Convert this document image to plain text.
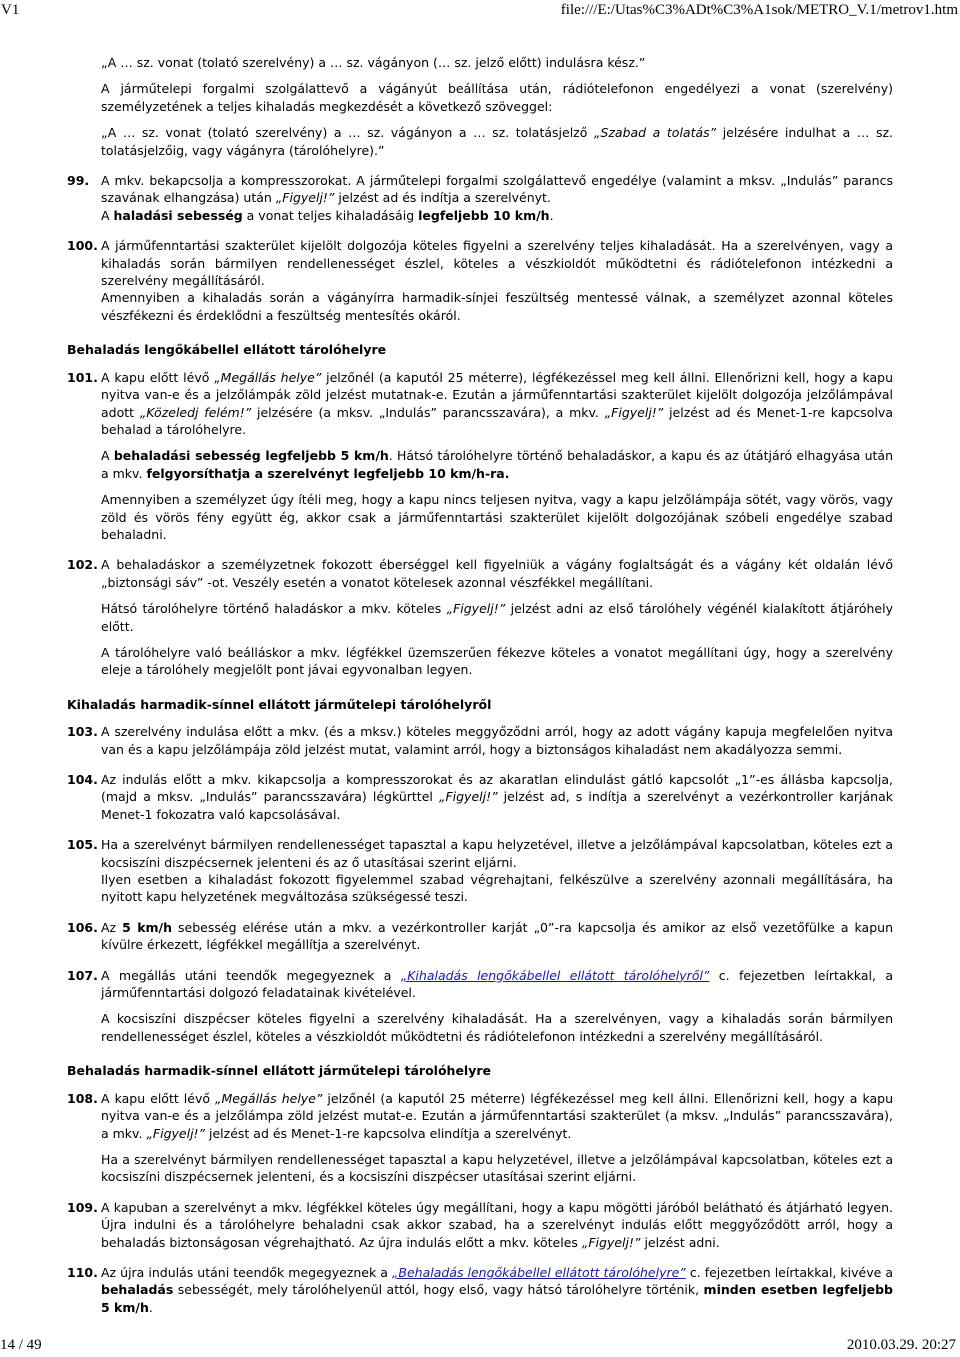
V1	file:///E:/Utas%C3%ADt%C3%A1sok/METRO_V.1/metrov1.htm
„A … sz. vonat (tolató szerelvény) a … sz. vágányon (… sz. jelző előtt) indulásra kész.”
A járműtelepi forgalmi szolgálattevő a vágányút beállítása után, rádiótelefonon engedélyezi a vonat (szerelvény) személyzetének a teljes kihaladás megkezdését a következő szöveggel:
„A … sz. vonat (tolató szerelvény) a … sz. vágányon a … sz. tolatásjelző „Szabad a tolatás” jelzésére indulhat a … sz. tolatásjelzőig, vagy vágányra (tárolóhelyre).”
99. A mkv. bekapcsolja a kompresszorokat. A járműtelepi forgalmi szolgálattevő engedélye (valamint a mksv. „Indulás” parancs szavának elhangzása) után „Figyelj!” jelzést ad és indítja a szerelvényt.
A haladási sebesség a vonat teljes kihaladásáig legfeljebb 10 km/h.
100. A járműfenntartási szakterület kijelölt dolgozója köteles figyelni a szerelvény teljes kihaladását. Ha a szerelvényen, vagy a kihaladás során bármilyen rendellenességet észlel, köteles a vészkioldót működtetni és rádiótelefonon intézkedni a szerelvény megállításáról.
Amennyiben a kihaladás során a vágányírra harmadik-sínjei feszültség mentessé válnak, a személyzet azonnal köteles vészfékezni és érdeklődni a feszültség mentesítés okáról.
Behaladás lengőkábellel ellátott tárolóhelyre
101. A kapu előtt lévő „Megállás helye” jelzőnél (a kaputól 25 méterre), légfékezéssel meg kell állni. Ellenőrizni kell, hogy a kapu nyitva van-e és a jelzőlámpák zöld jelzést mutatnak-e. Ezután a járműfenntartási szakterület kijelölt dolgozója jelzőlámpával adott „Közeledj felém!” jelzésére (a mksv. „Indulás” parancsszavára), a mkv. „Figyelj!” jelzést ad és Menet-1-re kapcsolva behalad a tárolóhelyre.
A behaladási sebesség legfeljebb 5 km/h. Hátsó tárolóhelyre történő behaladáskor, a kapu és az útátjáró elhagyása után a mkv. felgyorsíthatja a szerelvényt legfeljebb 10 km/h-ra.
Amennyiben a személyzet úgy ítéli meg, hogy a kapu nincs teljesen nyitva, vagy a kapu jelzőlámpája sötét, vagy vörös, vagy zöld és vörös fény együtt ég, akkor csak a járműfenntartási szakterület kijelölt dolgozójának szóbeli engedélye szabad behaladni.
102. A behaladáskor a személyzetnek fokozott éberséggel kell figyelniük a vágány foglaltságát és a vágány két oldalán lévő „biztonsági sáv” -ot. Veszély esetén a vonatot kötelesek azonnal vészfékkel megállítani.
Hátsó tárolóhelyre történő haladáskor a mkv. köteles „Figyelj!” jelzést adni az első tárolóhely végénél kialakított átjáróhely előtt.
A tárolóhelyre való beálláskor a mkv. légfékkel üzemszerűen fékezve köteles a vonatot megállítani úgy, hogy a szerelvény eleje a tárolóhely megjelölt pont jávai egyvonalban legyen.
Kihaladás harmadik-sínnel ellátott járműtelepi tárolóhelyről
103. A szerelvény indulása előtt a mkv. (és a mksv.) köteles meggyőződni arról, hogy az adott vágány kapuja megfelelően nyitva van és a kapu jelzőlámpája zöld jelzést mutat, valamint arról, hogy a biztonságos kihaladást nem akadályozza semmi.
104. Az indulás előtt a mkv. kikapcsolja a kompresszorokat és az akaratlan elindulást gátló kapcsolót „1”-es állásba kapcsolja, (majd a mksv. „Indulás” parancsszavára) légkürttel „Figyelj!” jelzést ad, s indítja a szerelvényt a vezérkontroller karjának Menet-1 fokozatra való kapcsolásával.
105. Ha a szerelvényt bármilyen rendellenességet tapasztal a kapu helyzetével, illetve a jelzőlámpával kapcsolatban, köteles ezt a kocsiszíni diszpécsernek jelenteni és az ő utasításai szerint eljárni.
Ilyen esetben a kihaladást fokozott figyelemmel szabad végrehajtani, felkészülve a szerelvény azonnali megállítására, ha nyitott kapu helyzetének megváltozása szükségessé teszi.
106. Az 5 km/h sebesség elérése után a mkv. a vezérkontroller karját „0”-ra kapcsolja és amikor az első vezetőfülke a kapun kívülre érkezett, légfékkel megállítja a szerelvényt.
107. A megállás utáni teendők megegyeznek a „Kihaladás lengőkábellel ellátott tárolóhelyről” c. fejezetben leírtakkal, a járműfenntartási dolgozó feladatainak kivételével.
A kocsiszíni diszpécser köteles figyelni a szerelvény kihaladását. Ha a szerelvényen, vagy a kihaladás során bármilyen rendellenességet észlel, köteles a vészkioldót működtetni és rádiótelefonon intézkedni a szerelvény megállításáról.
Behaladás harmadik-sínnel ellátott járműtelepi tárolóhelyre
108. A kapu előtt lévő „Megállás helye” jelzőnél (a kaputól 25 méterre) légfékezéssel meg kell állni. Ellenőrizni kell, hogy a kapu nyitva van-e és a jelzőlámpa zöld jelzést mutat-e. Ezután a járműfenntartási szakterület (a mksv. „Indulás” parancsszavára), a mkv. „Figyelj!” jelzést ad és Menet-1-re kapcsolva elindítja a szerelvényt.
Ha a szerelvényt bármilyen rendellenességet tapasztal a kapu helyzetével, illetve a jelzőlámpával kapcsolatban, köteles ezt a kocsiszíni diszpécsernek jelenteni, és a kocsiszíni diszpécser utasításai szerint eljárni.
109. A kapuban a szerelvényt a mkv. légfékkel köteles úgy megállítani, hogy a kapu mögötti járóból belátható és átjárható legyen. Újra indulni és a tárolóhelyre behaladni csak akkor szabad, ha a szerelvényt indulás előtt meggyőződött arról, hogy a behaladás biztonságosan végrehajtható. Az újra indulás előtt a mkv. köteles „Figyelj!” jelzést adni.
110. Az újra indulás utáni teendők megegyeznek a „Behaladás lengőkábellel ellátott tárolóhelyre” c. fejezetben leírtakkal, kivéve a behaladás sebességét, mely tárolóhelyenül attól, hogy első, vagy hátsó tárolóhelyre történik, minden esetben legfeljebb 5 km/h.
14 / 49	2010.03.29. 20:27
